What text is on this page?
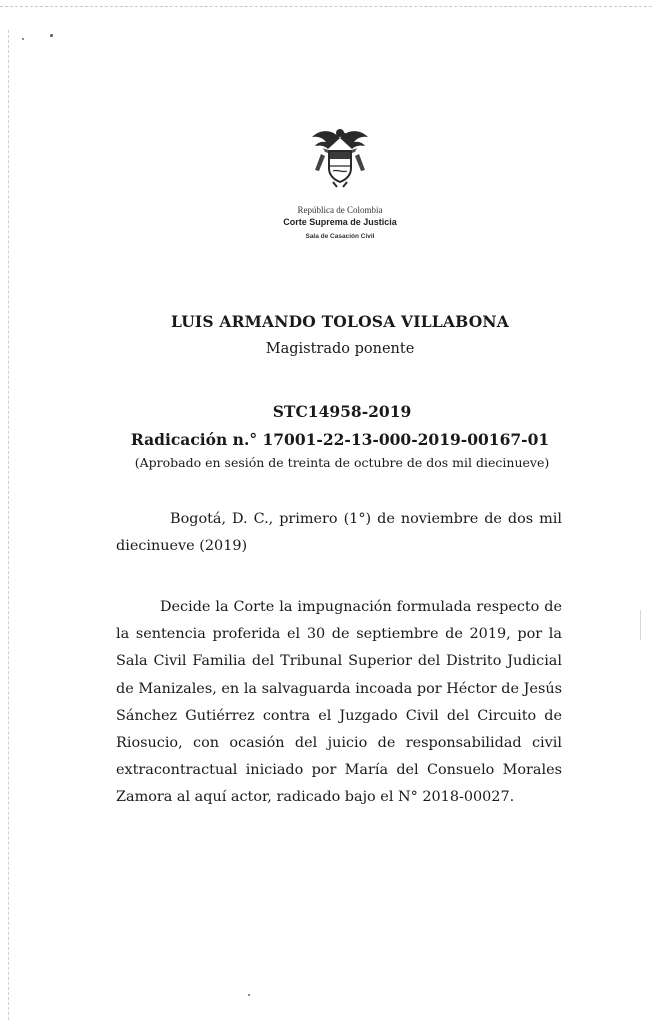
República de Colombia
Corte Suprema de Justicia
Sala de Casación Civil
LUIS ARMANDO TOLOSA VILLABONA
Magistrado ponente
STC14958-2019
Radicación n.° 17001-22-13-000-2019-00167-01
(Aprobado en sesión de treinta de octubre de dos mil diecinueve)

Bogotá, D. C., primero (1°) de noviembre de dos mil diecinueve (2019)

Decide la Corte la impugnación formulada respecto de la sentencia proferida el 30 de septiembre de 2019, por la Sala Civil Familia del Tribunal Superior del Distrito Judicial de Manizales, en la salvaguarda incoada por Héctor de Jesús Sánchez Gutiérrez contra el Juzgado Civil del Circuito de Riosucio, con ocasión del juicio de responsabilidad civil extracontractual iniciado por María del Consuelo Morales Zamora al aquí actor, radicado bajo el N° 2018-00027.
